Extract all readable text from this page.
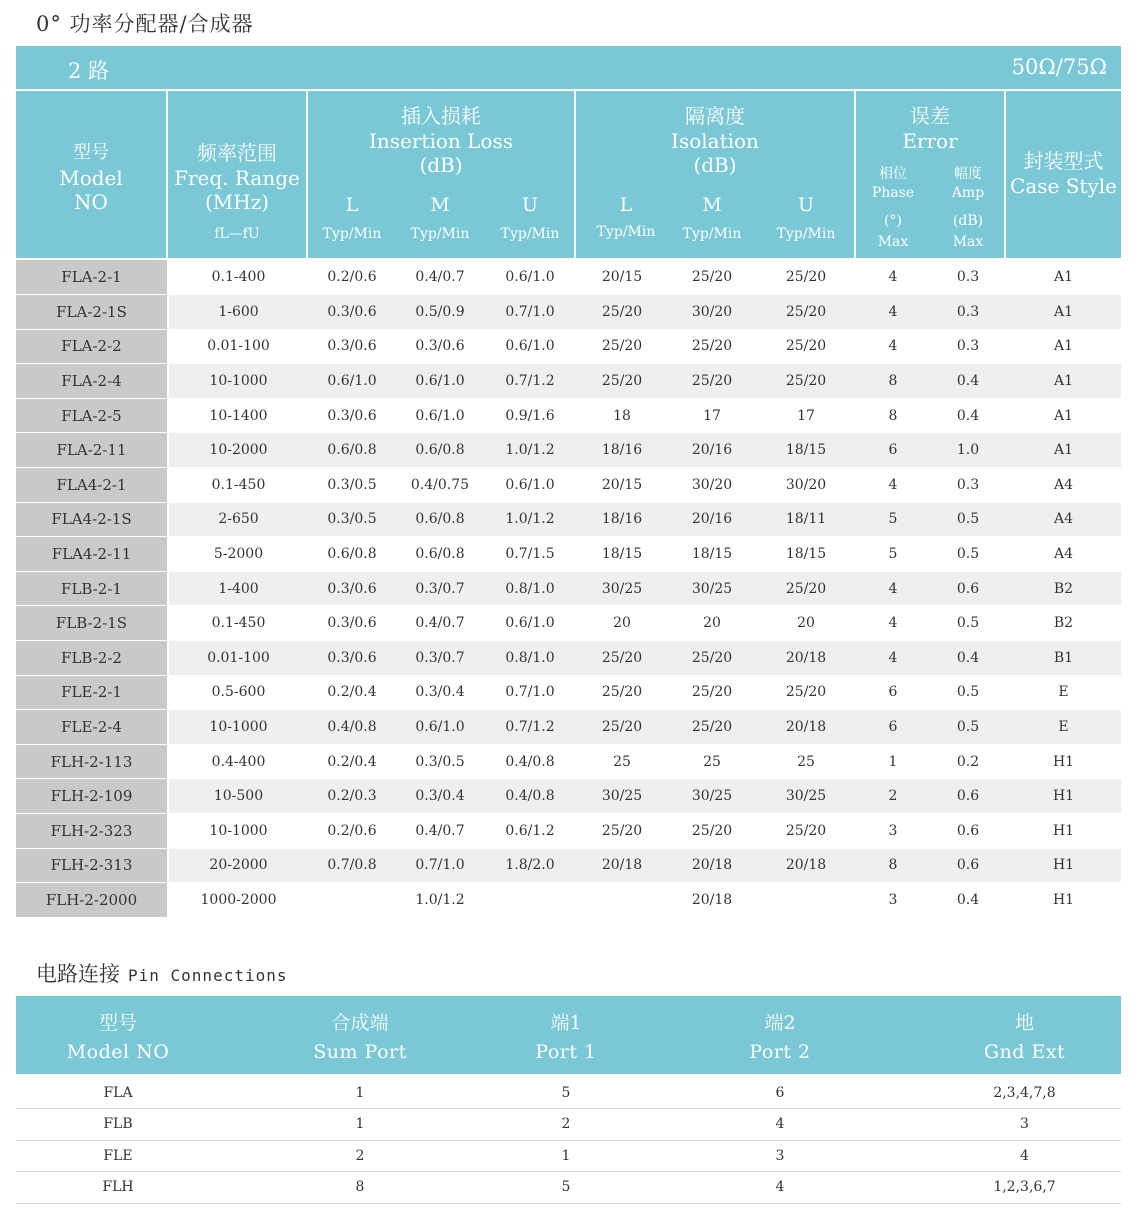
0° 功率分配器/合成器
2 路	50Ω/75Ω
型号
Model
NO
频率范围
Freq. Range
(MHz)
fL—fU
插入损耗
Insertion Loss
(dB)
L	M	U
Typ/Min	Typ/Min	Typ/Min
隔离度
Isolation
(dB)
L	M	U
Typ/Min	Typ/Min	Typ/Min
误差
Error
相位
Phase
(°)
Max
幅度
Amp
(dB)
Max
封装型式
Case Style
FLA-2-1	0.1-400	0.2/0.6	0.4/0.7	0.6/1.0	20/15	25/20	25/20	4	0.3	A1
FLA-2-1S	1-600	0.3/0.6	0.5/0.9	0.7/1.0	25/20	30/20	25/20	4	0.3	A1
FLA-2-2	0.01-100	0.3/0.6	0.3/0.6	0.6/1.0	25/20	25/20	25/20	4	0.3	A1
FLA-2-4	10-1000	0.6/1.0	0.6/1.0	0.7/1.2	25/20	25/20	25/20	8	0.4	A1
FLA-2-5	10-1400	0.3/0.6	0.6/1.0	0.9/1.6	18	17	17	8	0.4	A1
FLA-2-11	10-2000	0.6/0.8	0.6/0.8	1.0/1.2	18/16	20/16	18/15	6	1.0	A1
FLA4-2-1	0.1-450	0.3/0.5	0.4/0.75	0.6/1.0	20/15	30/20	30/20	4	0.3	A4
FLA4-2-1S	2-650	0.3/0.5	0.6/0.8	1.0/1.2	18/16	20/16	18/11	5	0.5	A4
FLA4-2-11	5-2000	0.6/0.8	0.6/0.8	0.7/1.5	18/15	18/15	18/15	5	0.5	A4
FLB-2-1	1-400	0.3/0.6	0.3/0.7	0.8/1.0	30/25	30/25	25/20	4	0.6	B2
FLB-2-1S	0.1-450	0.3/0.6	0.4/0.7	0.6/1.0	20	20	20	4	0.5	B2
FLB-2-2	0.01-100	0.3/0.6	0.3/0.7	0.8/1.0	25/20	25/20	20/18	4	0.4	B1
FLE-2-1	0.5-600	0.2/0.4	0.3/0.4	0.7/1.0	25/20	25/20	25/20	6	0.5	E
FLE-2-4	10-1000	0.4/0.8	0.6/1.0	0.7/1.2	25/20	25/20	20/18	6	0.5	E
FLH-2-113	0.4-400	0.2/0.4	0.3/0.5	0.4/0.8	25	25	25	1	0.2	H1
FLH-2-109	10-500	0.2/0.3	0.3/0.4	0.4/0.8	30/25	30/25	30/25	2	0.6	H1
FLH-2-323	10-1000	0.2/0.6	0.4/0.7	0.6/1.2	25/20	25/20	25/20	3	0.6	H1
FLH-2-313	20-2000	0.7/0.8	0.7/1.0	1.8/2.0	20/18	20/18	20/18	8	0.6	H1
FLH-2-2000	1000-2000		1.0/1.2			20/18		3	0.4	H1
电路连接 Pin Connections
型号
Model NO
合成端
Sum Port
端1
Port 1
端2
Port 2
地
Gnd Ext
FLA	1	5	6	2,3,4,7,8
FLB	1	2	4	3
FLE	2	1	3	4
FLH	8	5	4	1,2,3,6,7
